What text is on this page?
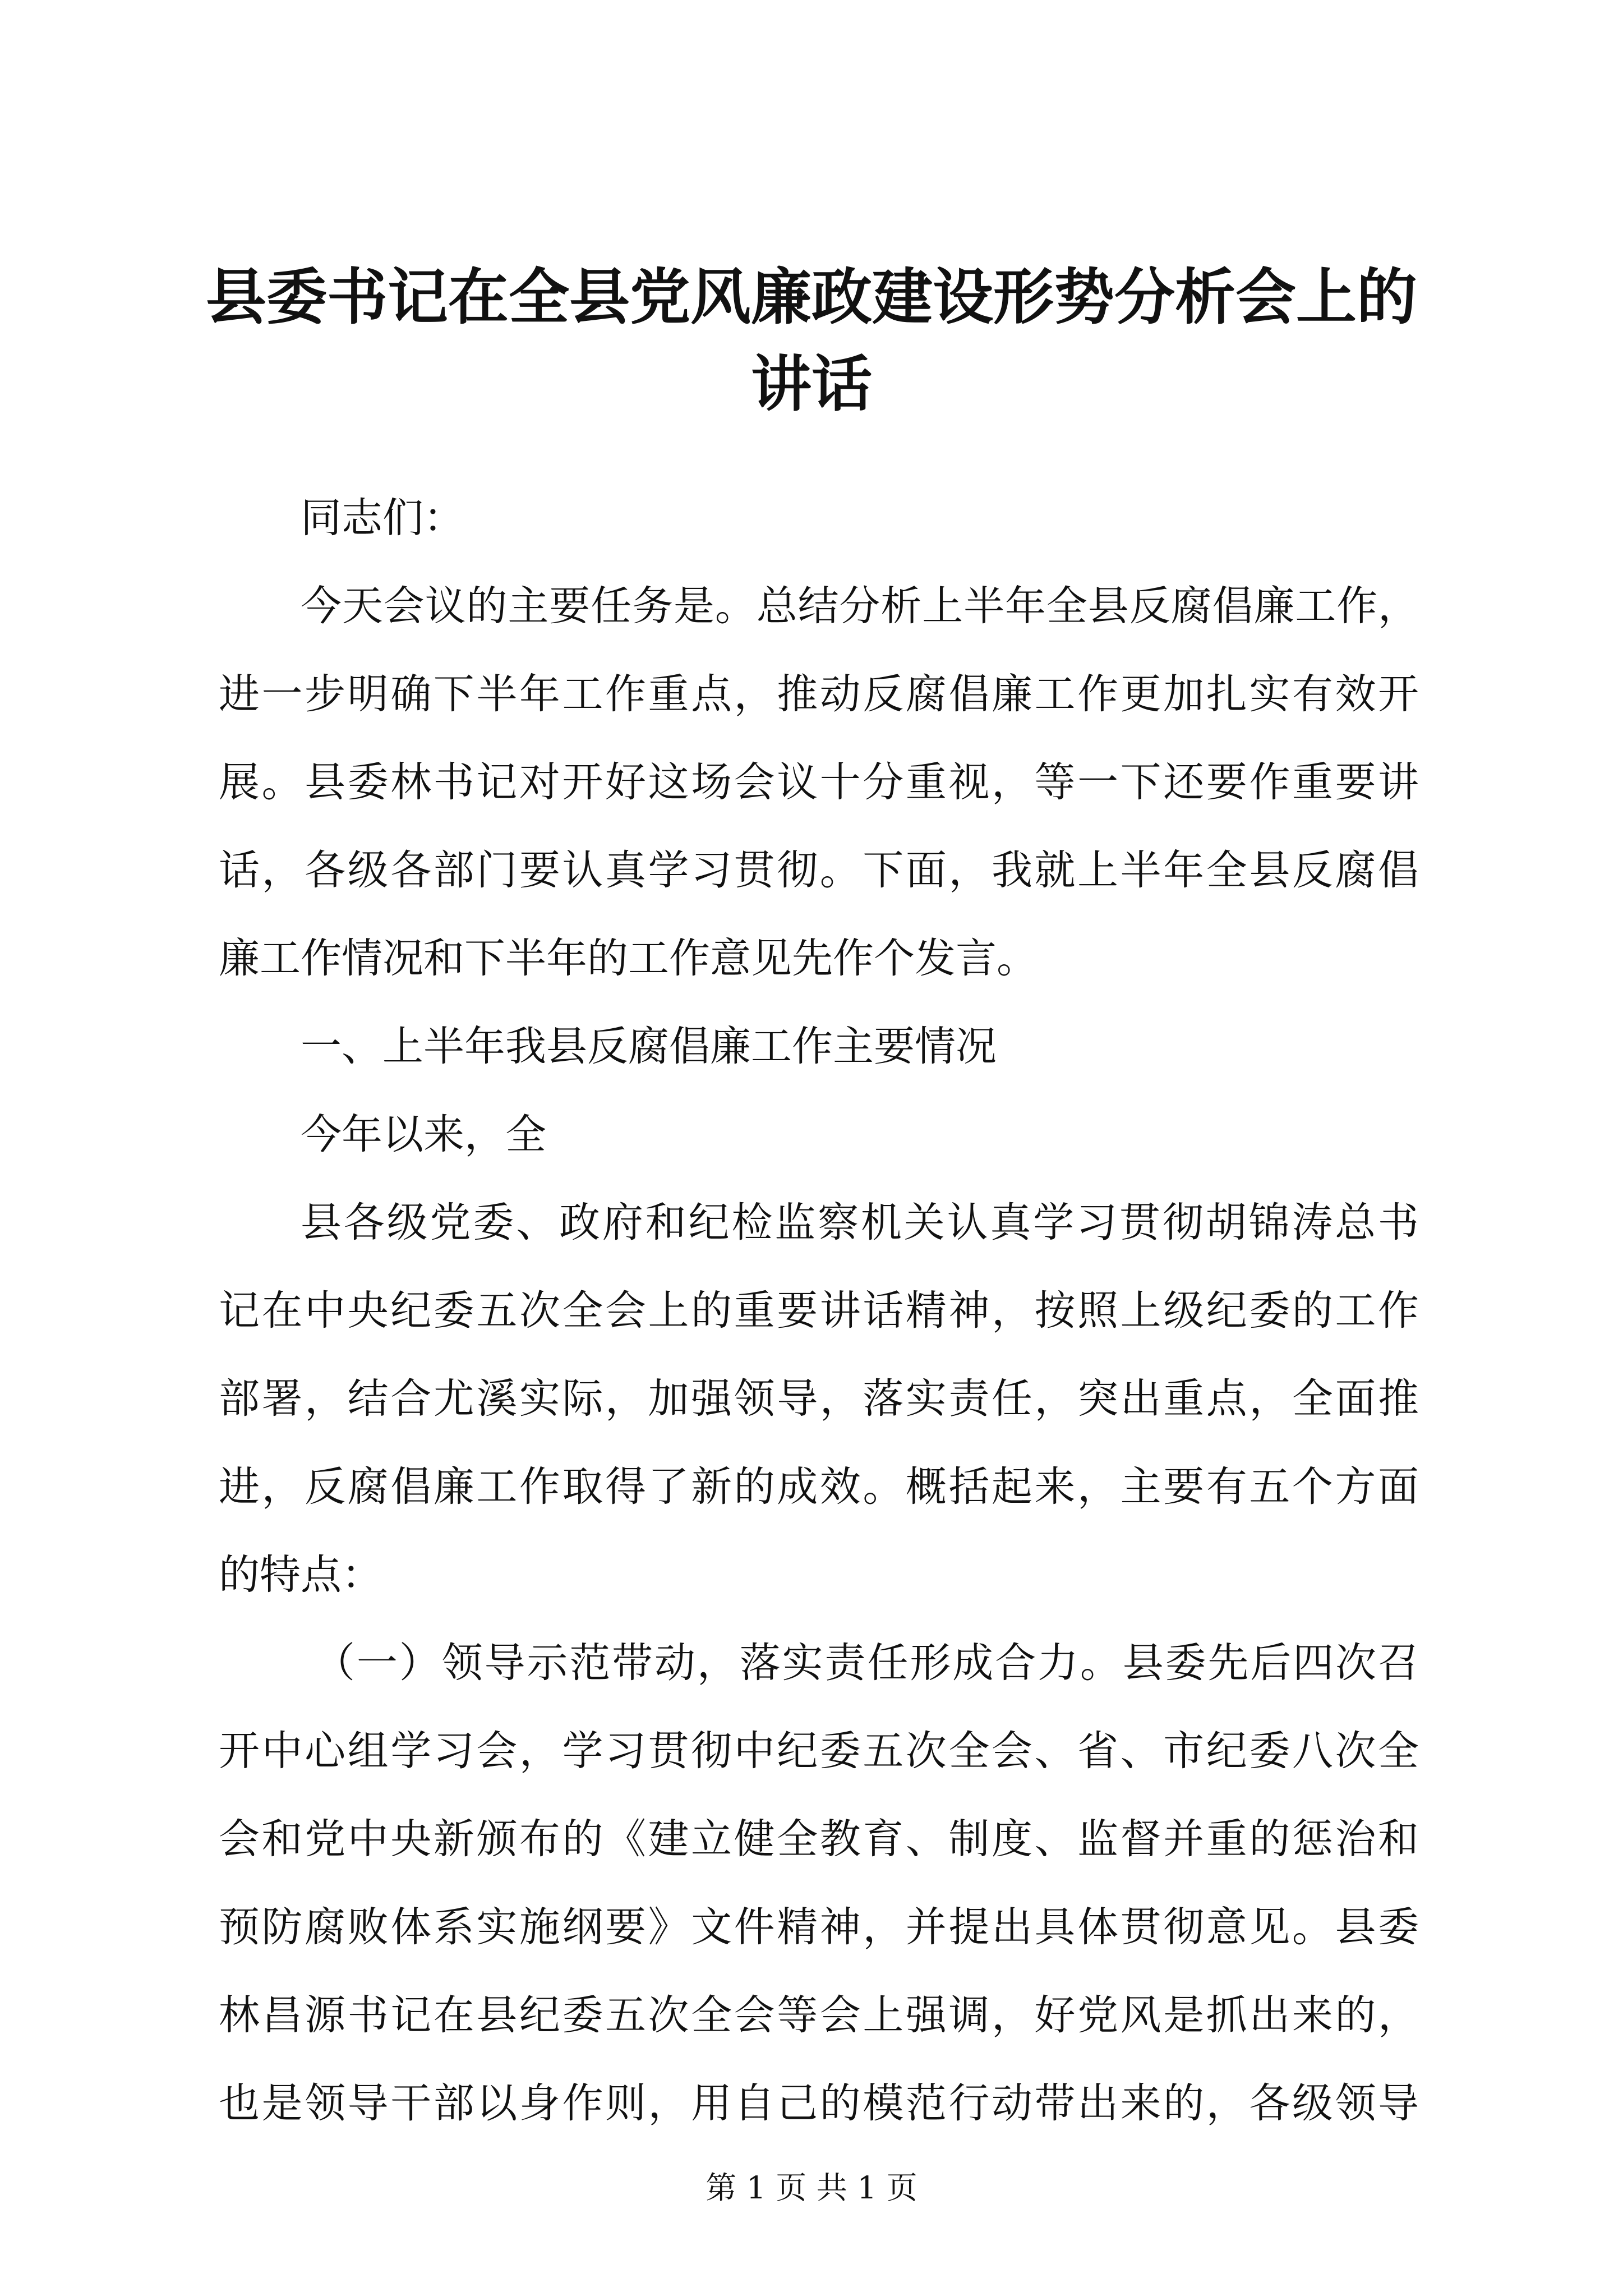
县委书记在全县党风廉政建设形势分析会上的
讲话
同志们：
今天会议的主要任务是。总结分析上半年全县反腐倡廉工作，
进一步明确下半年工作重点，推动反腐倡廉工作更加扎实有效开
展。县委林书记对开好这场会议十分重视，等一下还要作重要讲
话，各级各部门要认真学习贯彻。下面，我就上半年全县反腐倡
廉工作情况和下半年的工作意见先作个发言。
一、上半年我县反腐倡廉工作主要情况
今年以来，全
县各级党委、政府和纪检监察机关认真学习贯彻胡锦涛总书
记在中央纪委五次全会上的重要讲话精神，按照上级纪委的工作
部署，结合尤溪实际，加强领导，落实责任，突出重点，全面推
进，反腐倡廉工作取得了新的成效。概括起来，主要有五个方面
的特点：
（一）领导示范带动，落实责任形成合力。县委先后四次召
开中心组学习会，学习贯彻中纪委五次全会、省、市纪委八次全
会和党中央新颁布的《建立健全教育、制度、监督并重的惩治和
预防腐败体系实施纲要》文件精神，并提出具体贯彻意见。县委
林昌源书记在县纪委五次全会等会上强调，好党风是抓出来的，
也是领导干部以身作则，用自己的模范行动带出来的，各级领导
第 1 页 共 1 页
